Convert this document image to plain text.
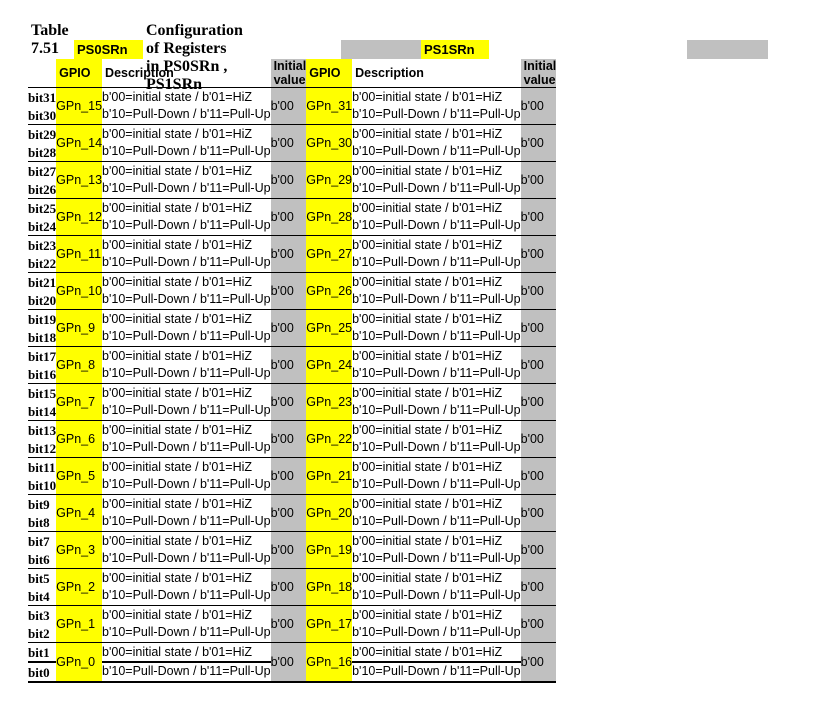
Table 7.51
Configuration of Registers in PS0SRn , PS1SRn
PS0SRn	PS1SRn
	GPIO	Description	Initial value	GPIO	Description	Initial value
bit31	GPn_15	b'00=initial state / b'01=HiZ	b'00	GPn_31	b'00=initial state / b'01=HiZ	b'00
bit30		b'10=Pull-Down / b'11=Pull-Up			b'10=Pull-Down / b'11=Pull-Up	
bit29	GPn_14	b'00=initial state / b'01=HiZ	b'00	GPn_30	b'00=initial state / b'01=HiZ	b'00
bit28		b'10=Pull-Down / b'11=Pull-Up			b'10=Pull-Down / b'11=Pull-Up	
bit27	GPn_13	b'00=initial state / b'01=HiZ	b'00	GPn_29	b'00=initial state / b'01=HiZ	b'00
bit26		b'10=Pull-Down / b'11=Pull-Up			b'10=Pull-Down / b'11=Pull-Up	
bit25	GPn_12	b'00=initial state / b'01=HiZ	b'00	GPn_28	b'00=initial state / b'01=HiZ	b'00
bit24		b'10=Pull-Down / b'11=Pull-Up			b'10=Pull-Down / b'11=Pull-Up	
bit23	GPn_11	b'00=initial state / b'01=HiZ	b'00	GPn_27	b'00=initial state / b'01=HiZ	b'00
bit22		b'10=Pull-Down / b'11=Pull-Up			b'10=Pull-Down / b'11=Pull-Up	
bit21	GPn_10	b'00=initial state / b'01=HiZ	b'00	GPn_26	b'00=initial state / b'01=HiZ	b'00
bit20		b'10=Pull-Down / b'11=Pull-Up			b'10=Pull-Down / b'11=Pull-Up	
bit19	GPn_9	b'00=initial state / b'01=HiZ	b'00	GPn_25	b'00=initial state / b'01=HiZ	b'00
bit18		b'10=Pull-Down / b'11=Pull-Up			b'10=Pull-Down / b'11=Pull-Up	
bit17	GPn_8	b'00=initial state / b'01=HiZ	b'00	GPn_24	b'00=initial state / b'01=HiZ	b'00
bit16		b'10=Pull-Down / b'11=Pull-Up			b'10=Pull-Down / b'11=Pull-Up	
bit15	GPn_7	b'00=initial state / b'01=HiZ	b'00	GPn_23	b'00=initial state / b'01=HiZ	b'00
bit14		b'10=Pull-Down / b'11=Pull-Up			b'10=Pull-Down / b'11=Pull-Up	
bit13	GPn_6	b'00=initial state / b'01=HiZ	b'00	GPn_22	b'00=initial state / b'01=HiZ	b'00
bit12		b'10=Pull-Down / b'11=Pull-Up			b'10=Pull-Down / b'11=Pull-Up	
bit11	GPn_5	b'00=initial state / b'01=HiZ	b'00	GPn_21	b'00=initial state / b'01=HiZ	b'00
bit10		b'10=Pull-Down / b'11=Pull-Up			b'10=Pull-Down / b'11=Pull-Up	
bit9	GPn_4	b'00=initial state / b'01=HiZ	b'00	GPn_20	b'00=initial state / b'01=HiZ	b'00
bit8		b'10=Pull-Down / b'11=Pull-Up			b'10=Pull-Down / b'11=Pull-Up	
bit7	GPn_3	b'00=initial state / b'01=HiZ	b'00	GPn_19	b'00=initial state / b'01=HiZ	b'00
bit6		b'10=Pull-Down / b'11=Pull-Up			b'10=Pull-Down / b'11=Pull-Up	
bit5	GPn_2	b'00=initial state / b'01=HiZ	b'00	GPn_18	b'00=initial state / b'01=HiZ	b'00
bit4		b'10=Pull-Down / b'11=Pull-Up			b'10=Pull-Down / b'11=Pull-Up	
bit3	GPn_1	b'00=initial state / b'01=HiZ	b'00	GPn_17	b'00=initial state / b'01=HiZ	b'00
bit2		b'10=Pull-Down / b'11=Pull-Up			b'10=Pull-Down / b'11=Pull-Up	
bit1	GPn_0	b'00=initial state / b'01=HiZ	b'00	GPn_16	b'00=initial state / b'01=HiZ	b'00
bit0		b'10=Pull-Down / b'11=Pull-Up			b'10=Pull-Down / b'11=Pull-Up	
